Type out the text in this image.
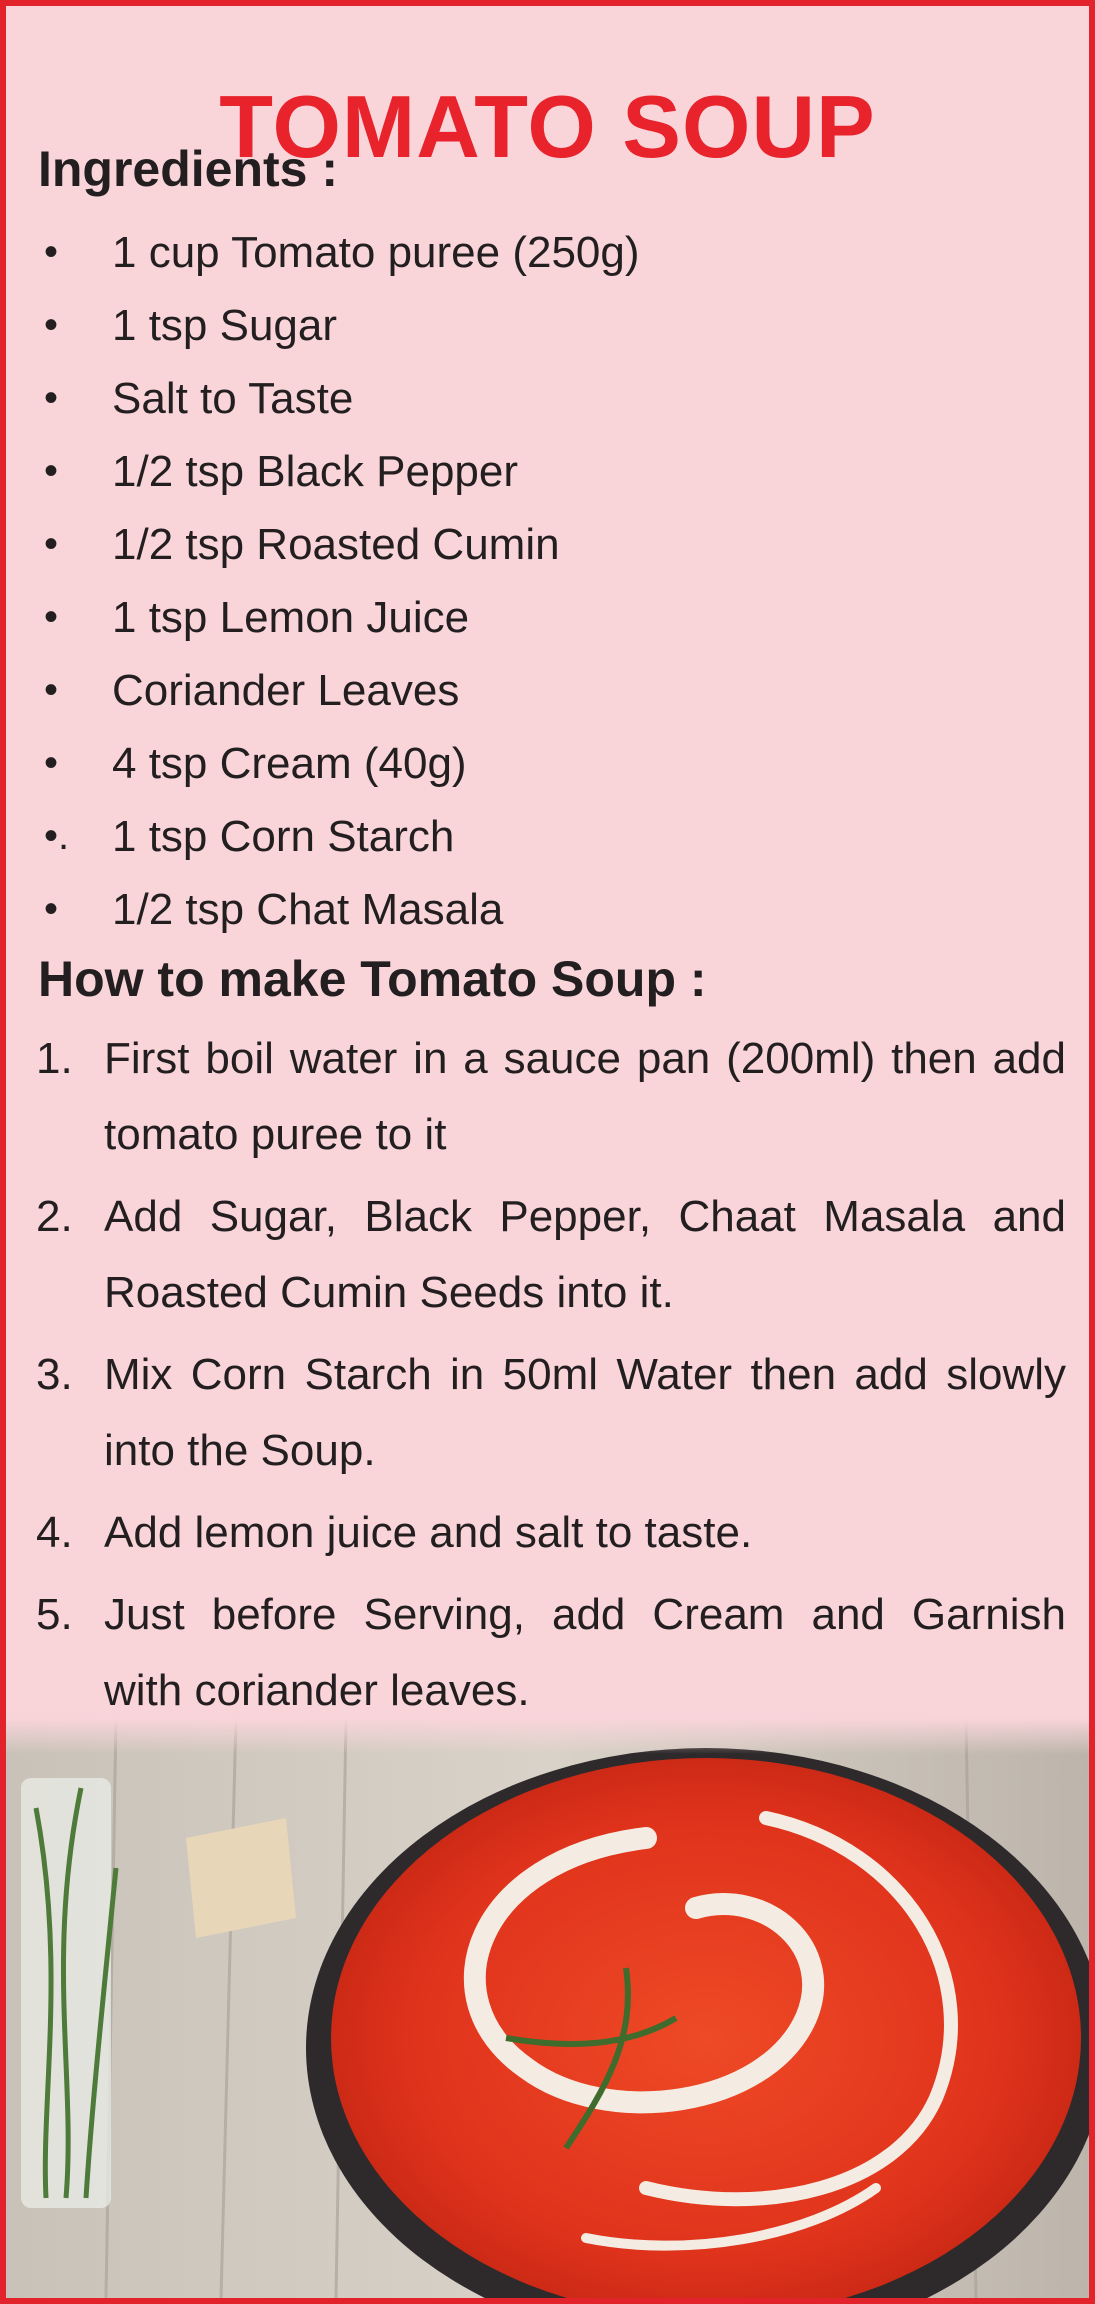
TOMATO SOUP
Ingredients :
•	1 cup Tomato puree (250g)
•	1 tsp Sugar
•	Salt to Taste
•	1/2 tsp Black Pepper
•	1/2 tsp Roasted Cumin
•	1 tsp Lemon Juice
•	Coriander Leaves
•	4 tsp Cream (40g)
•. 1 tsp Corn Starch
•	1/2 tsp Chat Masala
How to make Tomato Soup :
1. First boil water in a sauce pan (200ml) then add tomato puree to it
2. Add Sugar, Black Pepper, Chaat Masala and Roasted Cumin Seeds into it.
3. Mix Corn Starch in 50ml Water then add slowly into the Soup.
4. Add lemon juice and salt to taste.
5. Just before Serving, add Cream and Garnish with coriander leaves.
